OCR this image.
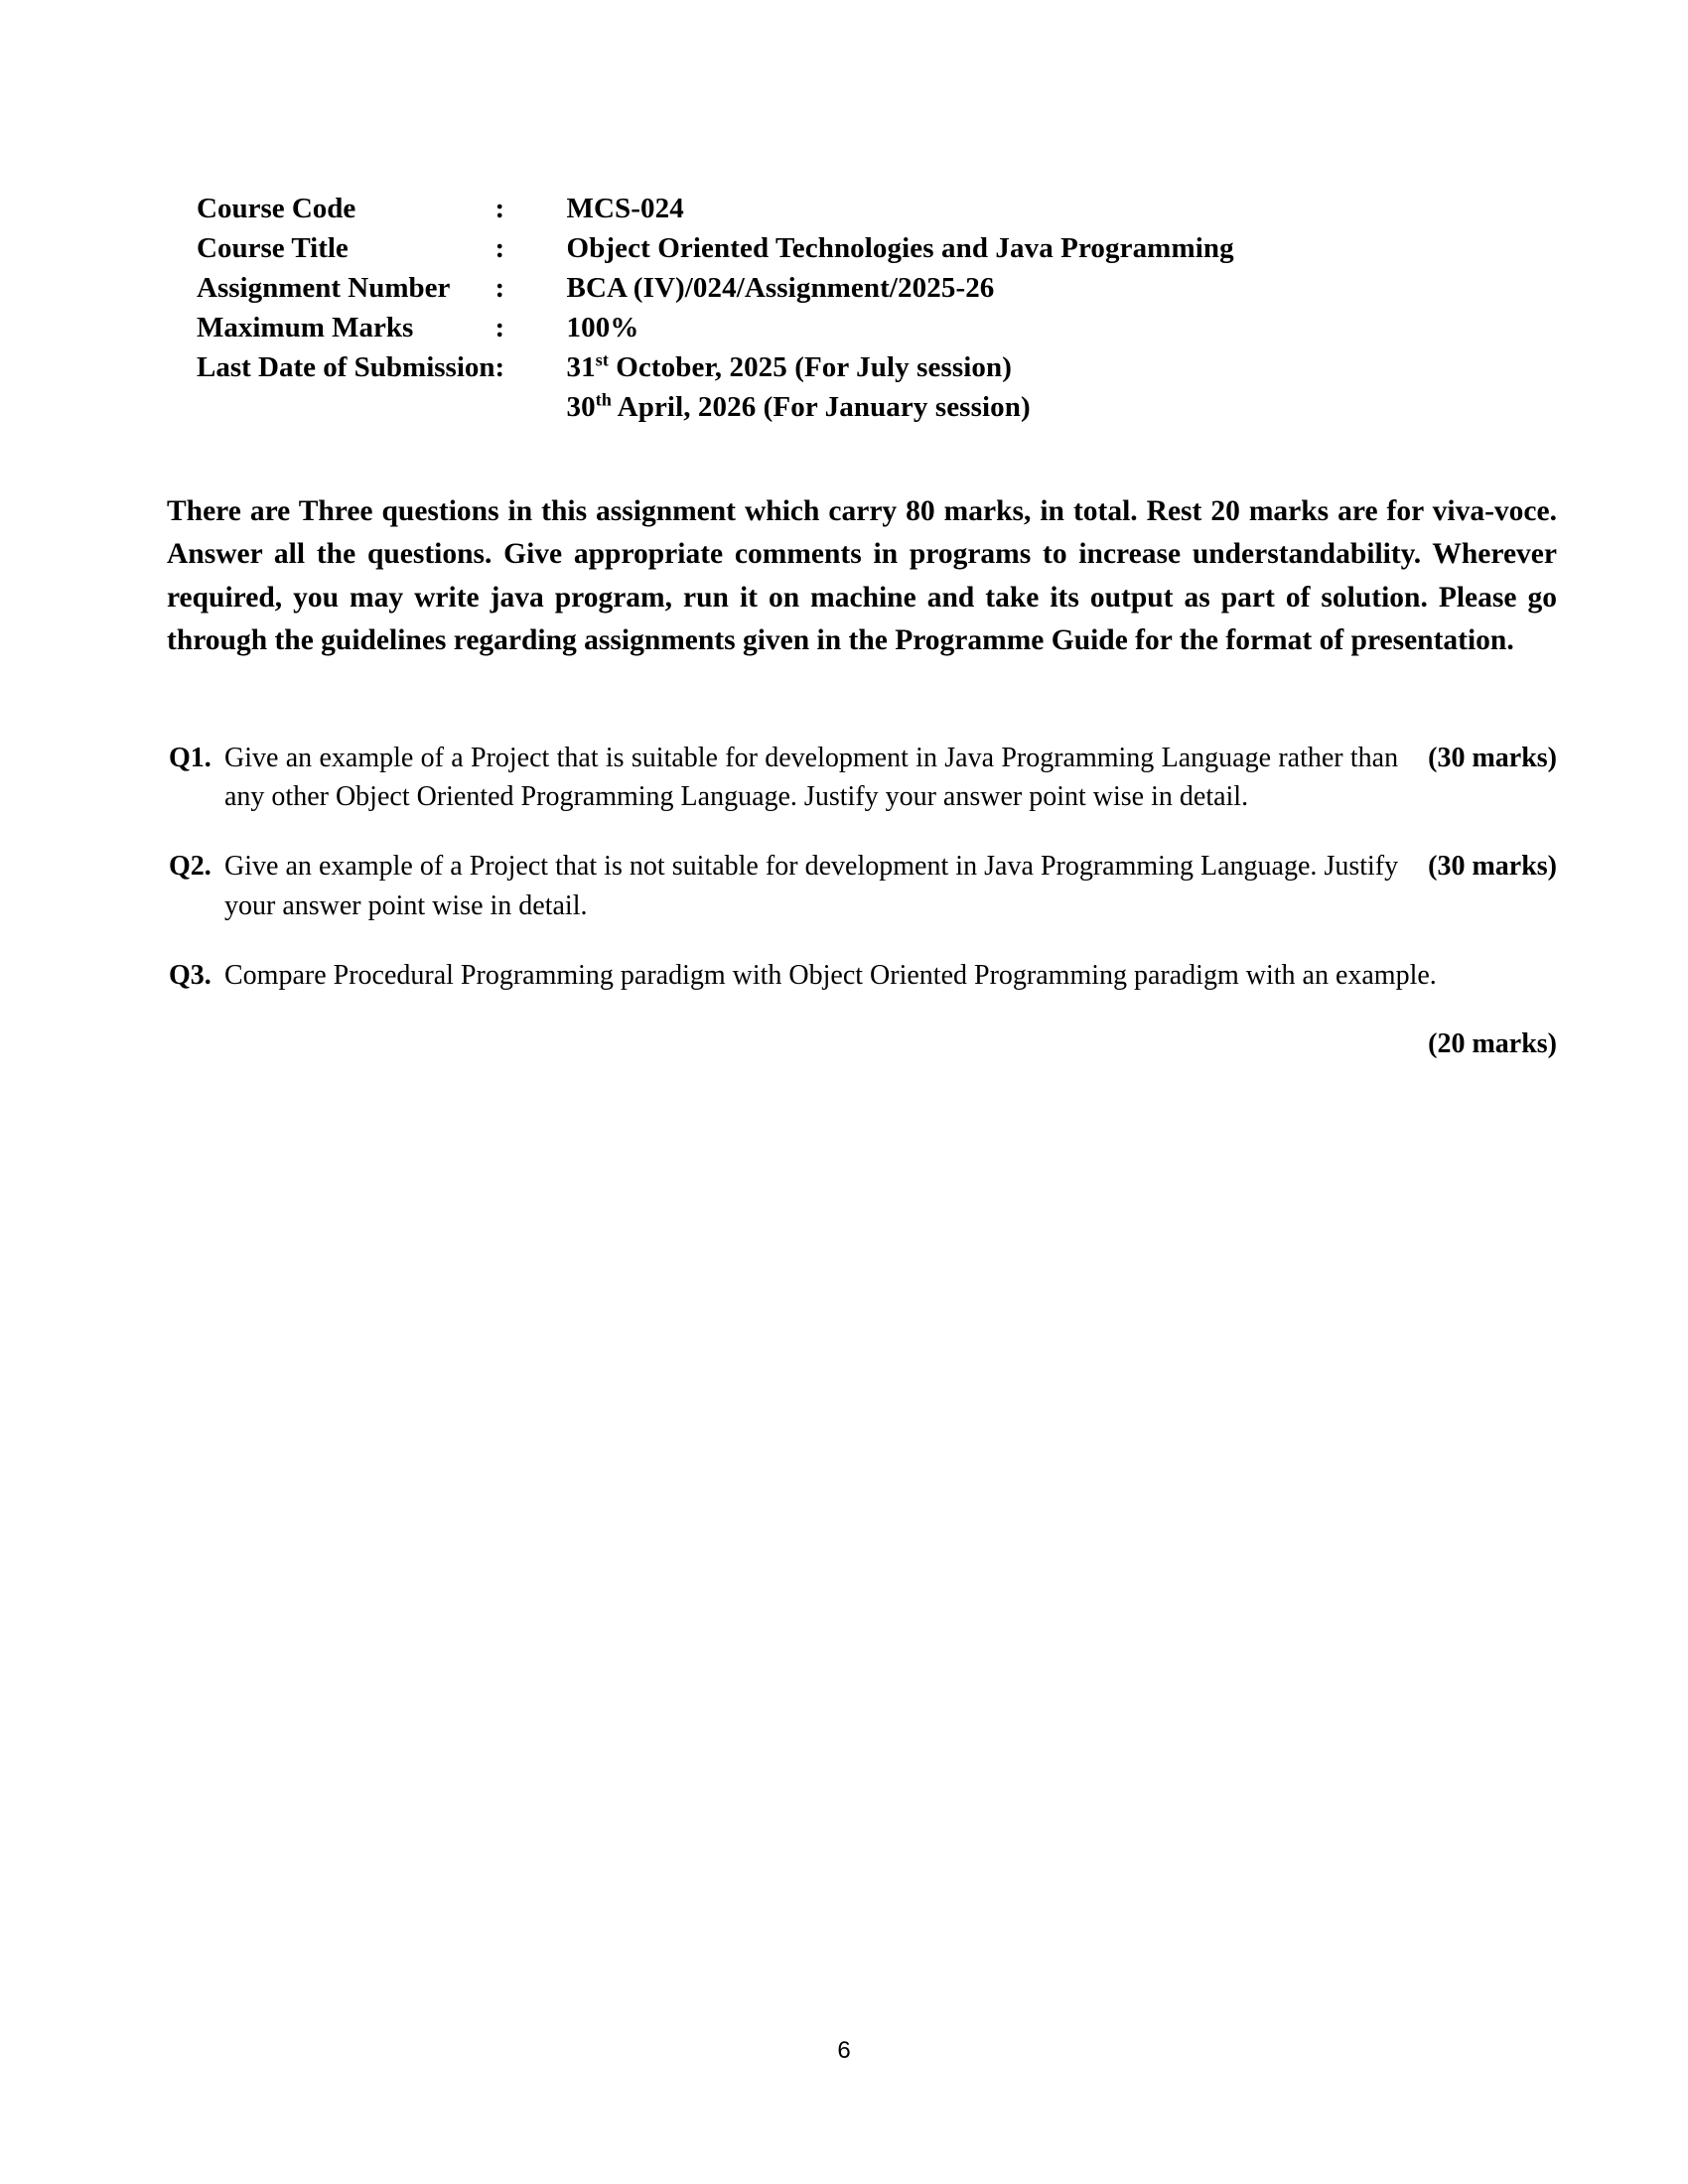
Course Code	:	MCS-024
Course Title	:	Object Oriented Technologies and Java Programming
Assignment Number	:	BCA (IV)/024/Assignment/2025-26
Maximum Marks	:	100%
Last Date of Submission	:	31st October, 2025 (For July session)
		30th April, 2026 (For January session)

There are Three questions in this assignment which carry 80 marks, in total. Rest 20 marks are for viva-voce. Answer all the questions. Give appropriate comments in programs to increase understandability. Wherever required, you may write java program, run it on machine and take its output as part of solution. Please go through the guidelines regarding assignments given in the Programme Guide for the format of presentation.

Q1.	(30 marks)
Give an example of a Project that is suitable for development in Java Programming Language rather than any other Object Oriented Programming Language. Justify your answer point wise in detail.
Q2.	(30 marks)
Give an example of a Project that is not suitable for development in Java Programming Language. Justify your answer point wise in detail.
Q3. Compare Procedural Programming paradigm with Object Oriented Programming paradigm with an example.
(20 marks)
6
